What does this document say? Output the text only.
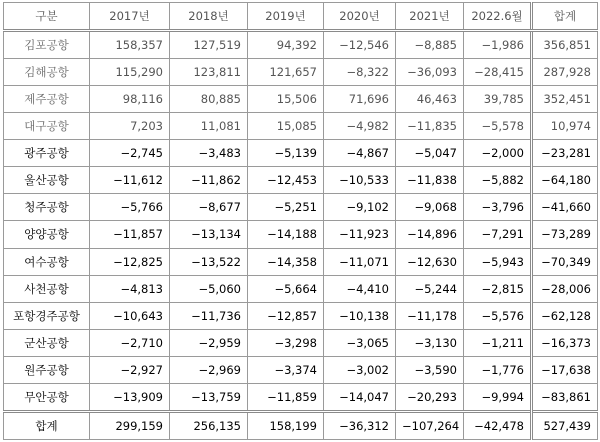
구분	2017년	2018년	2019년	2020년	2021년	2022.6월	합계
김포공항	158,357	127,519	94,392	−12,546	−8,885	−1,986	356,851
김해공항	115,290	123,811	121,657	−8,322	−36,093	−28,415	287,928
제주공항	98,116	80,885	15,506	71,696	46,463	39,785	352,451
대구공항	7,203	11,081	15,085	−4,982	−11,835	−5,578	10,974
광주공항	−2,745	−3,483	−5,139	−4,867	−5,047	−2,000	−23,281
울산공항	−11,612	−11,862	−12,453	−10,533	−11,838	−5,882	−64,180
청주공항	−5,766	−8,677	−5,251	−9,102	−9,068	−3,796	−41,660
양양공항	−11,857	−13,134	−14,188	−11,923	−14,896	−7,291	−73,289
여수공항	−12,825	−13,522	−14,358	−11,071	−12,630	−5,943	−70,349
사천공항	−4,813	−5,060	−5,664	−4,410	−5,244	−2,815	−28,006
포항경주공항	−10,643	−11,736	−12,857	−10,138	−11,178	−5,576	−62,128
군산공항	−2,710	−2,959	−3,298	−3,065	−3,130	−1,211	−16,373
원주공항	−2,927	−2,969	−3,374	−3,002	−3,590	−1,776	−17,638
무안공항	−13,909	−13,759	−11,859	−14,047	−20,293	−9,994	−83,861
합계	299,159	256,135	158,199	−36,312	−107,264	−42,478	527,439
